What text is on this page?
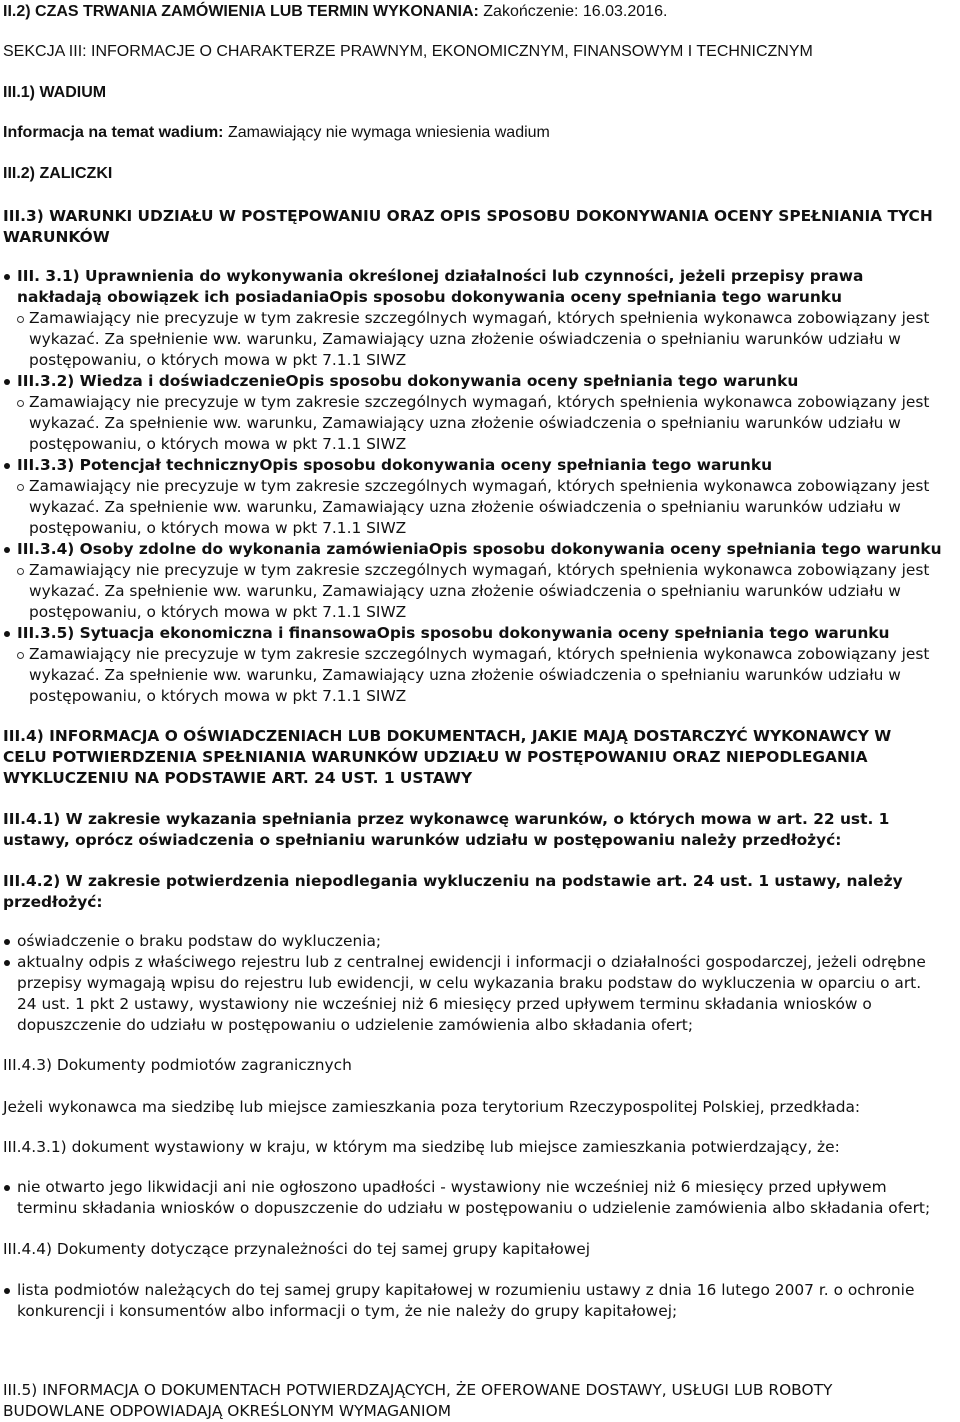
II.2) CZAS TRWANIA ZAMÓWIENIA LUB TERMIN WYKONANIA: Zakończenie: 16.03.2016.

SEKCJA III: INFORMACJE O CHARAKTERZE PRAWNYM, EKONOMICZNYM, FINANSOWYM I TECHNICZNYM

III.1) WADIUM

Informacja na temat wadium: Zamawiający nie wymaga wniesienia wadium

III.2) ZALICZKI

III.3) WARUNKI UDZIAŁU W POSTĘPOWANIU ORAZ OPIS SPOSOBU DOKONYWANIA OCENY SPEŁNIANIA TYCH
WARUNKÓW
III. 3.1) Uprawnienia do wykonywania określonej działalności lub czynności, jeżeli przepisy prawa
nakładają obowiązek ich posiadaniaOpis sposobu dokonywania oceny spełniania tego warunku
Zamawiający nie precyzuje w tym zakresie szczególnych wymagań, których spełnienia wykonawca zobowiązany jest
wykazać. Za spełnienie ww. warunku, Zamawiający uzna złożenie oświadczenia o spełnianiu warunków udziału w
postępowaniu, o których mowa w pkt 7.1.1 SIWZ
III.3.2) Wiedza i doświadczenieOpis sposobu dokonywania oceny spełniania tego warunku
Zamawiający nie precyzuje w tym zakresie szczególnych wymagań, których spełnienia wykonawca zobowiązany jest
wykazać. Za spełnienie ww. warunku, Zamawiający uzna złożenie oświadczenia o spełnianiu warunków udziału w
postępowaniu, o których mowa w pkt 7.1.1 SIWZ
III.3.3) Potencjał technicznyOpis sposobu dokonywania oceny spełniania tego warunku
Zamawiający nie precyzuje w tym zakresie szczególnych wymagań, których spełnienia wykonawca zobowiązany jest
wykazać. Za spełnienie ww. warunku, Zamawiający uzna złożenie oświadczenia o spełnianiu warunków udziału w
postępowaniu, o których mowa w pkt 7.1.1 SIWZ
III.3.4) Osoby zdolne do wykonania zamówieniaOpis sposobu dokonywania oceny spełniania tego warunku
Zamawiający nie precyzuje w tym zakresie szczególnych wymagań, których spełnienia wykonawca zobowiązany jest
wykazać. Za spełnienie ww. warunku, Zamawiający uzna złożenie oświadczenia o spełnianiu warunków udziału w
postępowaniu, o których mowa w pkt 7.1.1 SIWZ
III.3.5) Sytuacja ekonomiczna i finansowaOpis sposobu dokonywania oceny spełniania tego warunku
Zamawiający nie precyzuje w tym zakresie szczególnych wymagań, których spełnienia wykonawca zobowiązany jest
wykazać. Za spełnienie ww. warunku, Zamawiający uzna złożenie oświadczenia o spełnianiu warunków udziału w
postępowaniu, o których mowa w pkt 7.1.1 SIWZ
III.4) INFORMACJA O OŚWIADCZENIACH LUB DOKUMENTACH, JAKIE MAJĄ DOSTARCZYĆ WYKONAWCY W
CELU POTWIERDZENIA SPEŁNIANIA WARUNKÓW UDZIAŁU W POSTĘPOWANIU ORAZ NIEPODLEGANIA
WYKLUCZENIU NA PODSTAWIE ART. 24 UST. 1 USTAWY
III.4.1) W zakresie wykazania spełniania przez wykonawcę warunków, o których mowa w art. 22 ust. 1
ustawy, oprócz oświadczenia o spełnianiu warunków udziału w postępowaniu należy przedłożyć:
III.4.2) W zakresie potwierdzenia niepodlegania wykluczeniu na podstawie art. 24 ust. 1 ustawy, należy
przedłożyć:
oświadczenie o braku podstaw do wykluczenia;
aktualny odpis z właściwego rejestru lub z centralnej ewidencji i informacji o działalności gospodarczej, jeżeli odrębne
przepisy wymagają wpisu do rejestru lub ewidencji, w celu wykazania braku podstaw do wykluczenia w oparciu o art.
24 ust. 1 pkt 2 ustawy, wystawiony nie wcześniej niż 6 miesięcy przed upływem terminu składania wniosków o
dopuszczenie do udziału w postępowaniu o udzielenie zamówienia albo składania ofert;

III.4.3) Dokumenty podmiotów zagranicznych

Jeżeli wykonawca ma siedzibę lub miejsce zamieszkania poza terytorium Rzeczypospolitej Polskiej, przedkłada:

III.4.3.1) dokument wystawiony w kraju, w którym ma siedzibę lub miejsce zamieszkania potwierdzający, że:

nie otwarto jego likwidacji ani nie ogłoszono upadłości - wystawiony nie wcześniej niż 6 miesięcy przed upływem
terminu składania wniosków o dopuszczenie do udziału w postępowaniu o udzielenie zamówienia albo składania ofert;

III.4.4) Dokumenty dotyczące przynależności do tej samej grupy kapitałowej

lista podmiotów należących do tej samej grupy kapitałowej w rozumieniu ustawy z dnia 16 lutego 2007 r. o ochronie
konkurencji i konsumentów albo informacji o tym, że nie należy do grupy kapitałowej;
III.5) INFORMACJA O DOKUMENTACH POTWIERDZAJĄCYCH, ŻE OFEROWANE DOSTAWY, USŁUGI LUB ROBOTY
BUDOWLANE ODPOWIADAJĄ OKREŚLONYM WYMAGANIOM
